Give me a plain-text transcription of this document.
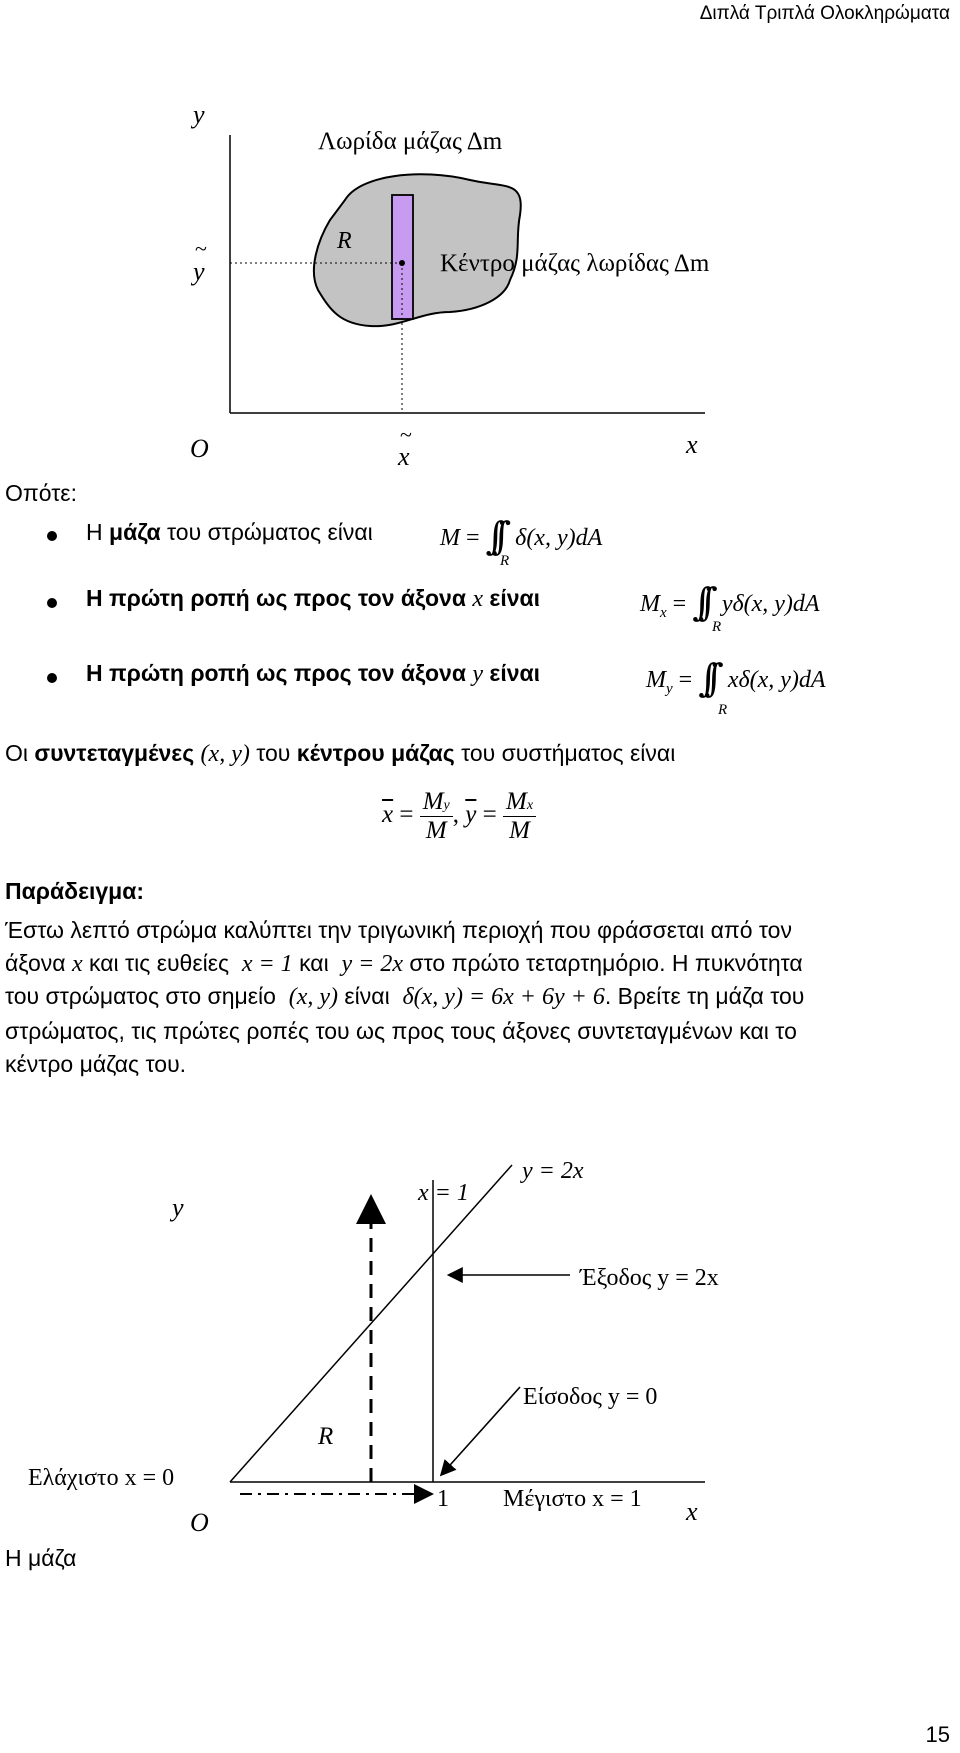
Διπλά Τριπλά Ολοκληρώματα
y
Λωρίδα μάζας Δm
R
Κέντρο μάζας λωρίδας Δm
~
y
O	~
x	x
Οπότε:
Η μάζα του στρώματος είναι	M = ∫∫ δ(x, y)dA
R
Η πρώτη ροπή ως προς τον άξονα x είναι	$M_x$ = ∫∫ yδ(x, y)dA
R
Η πρώτη ροπή ως προς τον άξονα y είναι	$M_y$ = ∫∫ xδ(x, y)dA
R
Οι συντεταγμένες (x, y) του κέντρου μάζας του συστήματος είναι
$\overline{x} = \frac{My}{M}$ , $\overline{y} = \frac{Mx}{M}$
Παράδειγμα:
Έστω λεπτό στρώμα καλύπτει την τριγωνική περιοχή που φράσσεται από τον
άξονα x και τις ευθείες x = 1 και y = 2x στο πρώτο τεταρτημόριο. Η πυκνότητα
του στρώματος στο σημείο (x, y) είναι δ(x, y) = 6x + 6y + 6. Βρείτε τη μάζα του
στρώματος, τις πρώτες ροπές του ως προς τους άξονες συντεταγμένων και το
κέντρο μάζας του.
y	x = 1
y = 2x
Έξοδος y = 2x
Είσοδος y = 0
R
Ελάχιστο x = 0
1 Μέγιστο x = 1
O	x
Η μάζα
15
